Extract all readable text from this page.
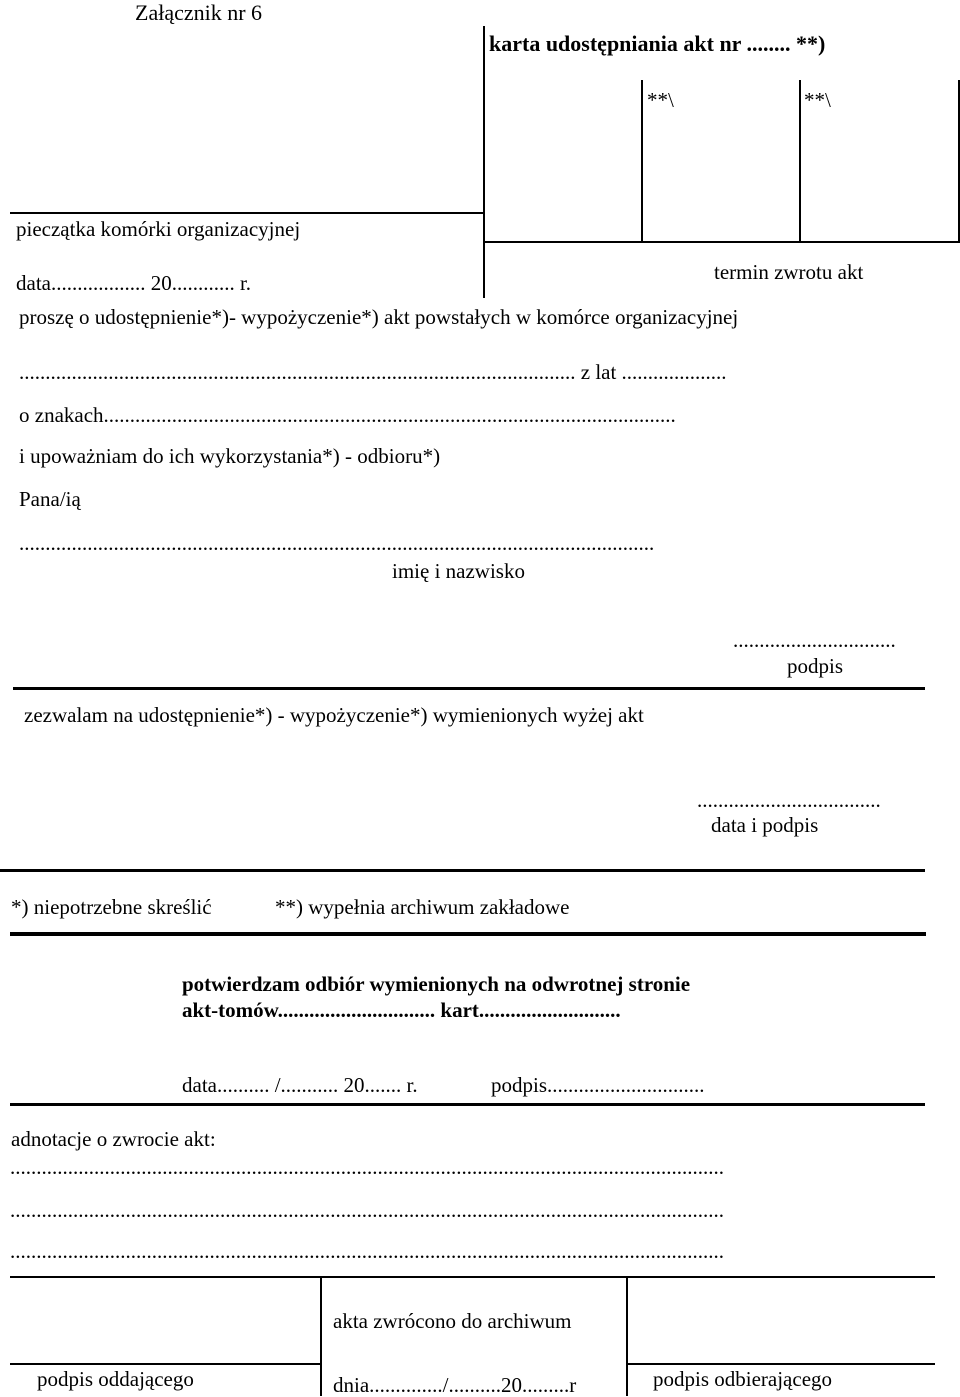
Załącznik nr 6
karta udostępniania akt nr ........ **)
**\	**\
termin zwrotu akt
pieczątka komórki organizacyjnej
data.................. 20............ r.
proszę o udostępnienie*)- wypożyczenie*) akt powstałych w komórce organizacyjnej
.......................................................................................................... z lat ....................
o znakach.............................................................................................................
i upoważniam do ich wykorzystania*) - odbioru*)
Pana/ią
.........................................................................................................................
imię i nazwisko
...............................
podpis
zezwalam na udostępnienie*) - wypożyczenie*) wymienionych wyżej akt
...................................
data i podpis
*) niepotrzebne skreślić	**) wypełnia archiwum zakładowe
potwierdzam odbiór wymienionych na odwrotnej stronie
akt-tomów.............................. kart...........................
data.......... /........... 20....... r.	podpis..............................
adnotacje o zwrocie akt:
........................................................................................................................................
........................................................................................................................................
........................................................................................................................................
akta zwrócono do archiwum
podpis oddającego	dnia............../..........20.........r	podpis odbierającego
